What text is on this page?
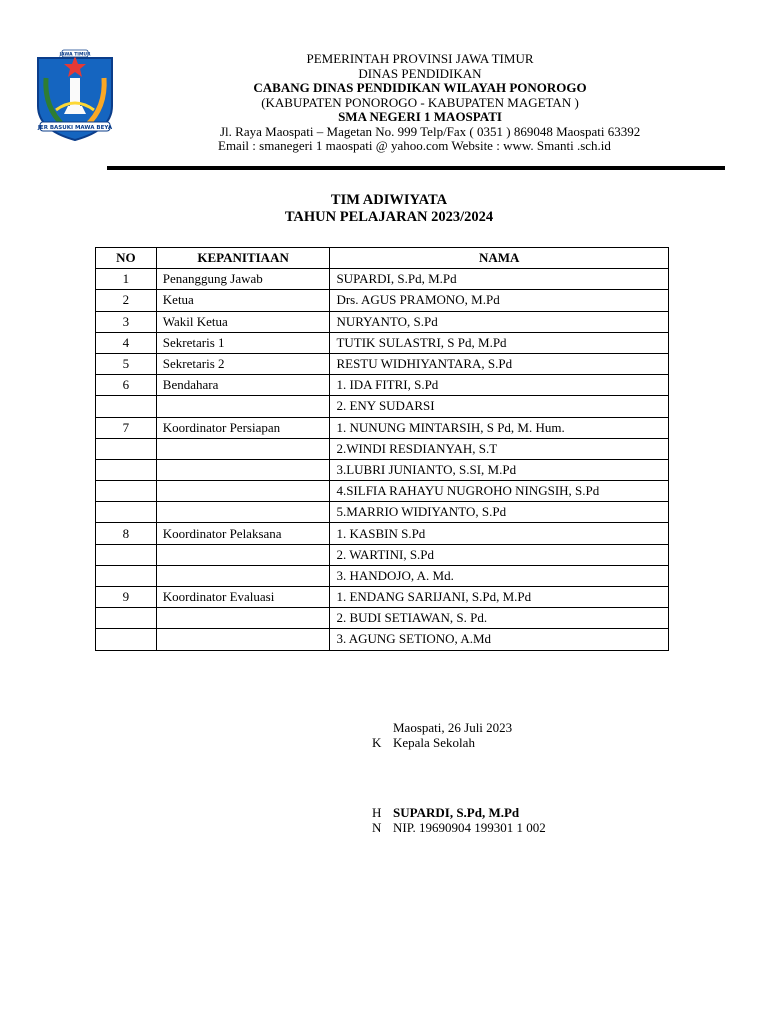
JER BASUKI MAWA BEYA
JAWA TIMUR	PEMERINTAH PROVINSI JAWA TIMUR
DINAS PENDIDIKAN
CABANG DINAS PENDIDIKAN WILAYAH PONOROGO
(KABUPATEN PONOROGO - KABUPATEN MAGETAN )
SMA NEGERI 1 MAOSPATI
Jl. Raya Maospati – Magetan No. 999 Telp/Fax ( 0351 ) 869048 Maospati 63392
Email : smanegeri 1 maospati @ yahoo.com Website : www. Smanti .sch.id
TIM ADIWIYATA
TAHUN PELAJARAN 2023/2024
NO	KEPANITIAAN	NAMA
1	Penanggung Jawab	SUPARDI, S.Pd, M.Pd
2	Ketua	Drs. AGUS PRAMONO, M.Pd
3	Wakil Ketua	NURYANTO, S.Pd
4	Sekretaris 1	TUTIK SULASTRI, S Pd, M.Pd
5	Sekretaris 2	RESTU WIDHIYANTARA, S.Pd
6	Bendahara	1. IDA FITRI, S.Pd
		2. ENY SUDARSI
7	Koordinator Persiapan	1. NUNUNG MINTARSIH, S Pd, M. Hum.
		2.WINDI RESDIANYAH, S.T
		3.LUBRI JUNIANTO, S.SI, M.Pd
		4.SILFIA RAHAYU NUGROHO NINGSIH, S.Pd
		5.MARRIO WIDIYANTO, S.Pd
8	Koordinator Pelaksana	1. KASBIN S.Pd
		2. WARTINI, S.Pd
		3. HANDOJO, A. Md.
9	Koordinator Evaluasi	1. ENDANG SARIJANI, S.Pd, M.Pd
		2. BUDI SETIAWAN, S. Pd.
		3. AGUNG SETIONO, A.Md
Maospati, 26 Juli 2023
K Kepala Sekolah
H SUPARDI, S.Pd, M.Pd
N NIP. 19690904 199301 1 002
